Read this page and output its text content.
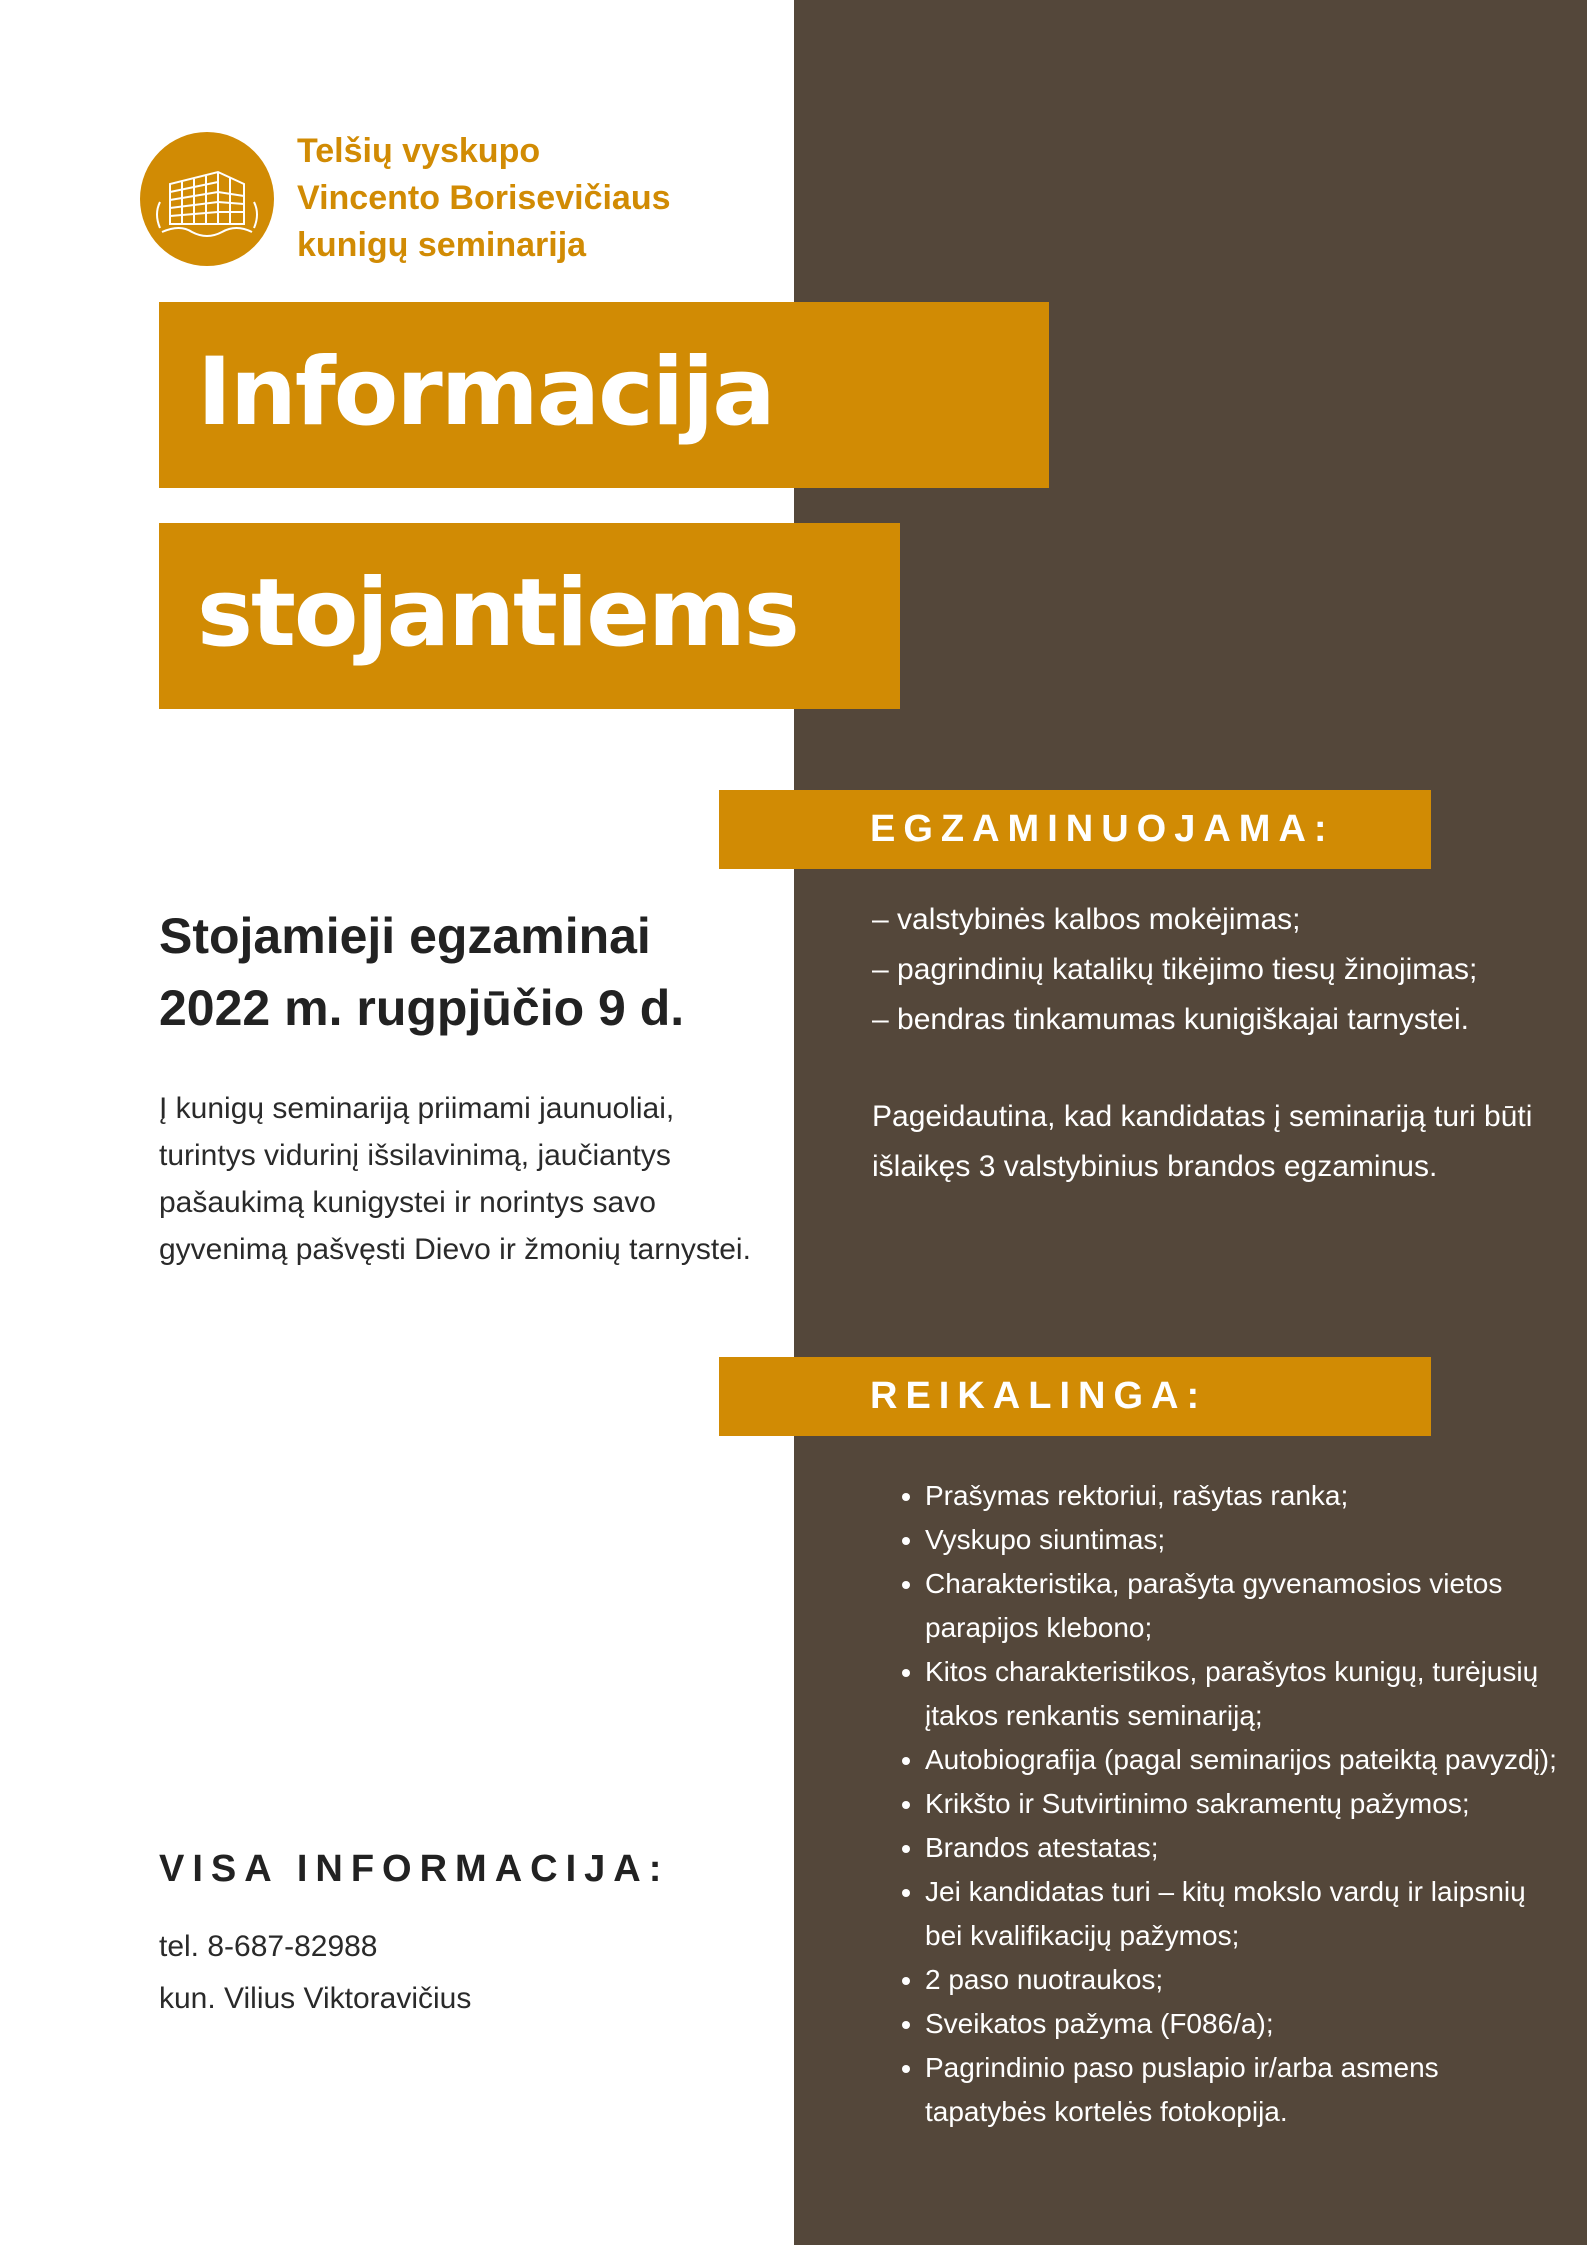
Telšių vyskupo
Vincento Borisevičiaus
kunigų seminarija
Informacija
stojantiems
EGZAMINUOJAMA:
Stojamieji egzaminai
2022 m. rugpjūčio 9 d.

Į kunigų seminariją priimami jaunuoliai, turintys vidurinį išsilavinimą, jaučiantys pašaukimą kunigystei ir norintys savo gyvenimą pašvęsti Dievo ir žmonių tarnystei.

– valstybinės kalbos mokėjimas;
– pagrindinių katalikų tikėjimo tiesų žinojimas;
– bendras tinkamumas kunigiškajai tarnystei.

Pageidautina, kad kandidatas į seminariją turi būti išlaikęs 3 valstybinius brandos egzaminus.

REIKALINGA:
• Prašymas rektoriui, rašytas ranka;
• Vyskupo siuntimas;
• Charakteristika, parašyta gyvenamosios vietos parapijos klebono;
• Kitos charakteristikos, parašytos kunigų, turėjusių įtakos renkantis seminariją;
• Autobiografija (pagal seminarijos pateiktą pavyzdį);
• Krikšto ir Sutvirtinimo sakramentų pažymos;
• Brandos atestatas;
• Jei kandidatas turi – kitų mokslo vardų ir laipsnių bei kvalifikacijų pažymos;
• 2 paso nuotraukos;
• Sveikatos pažyma (F086/a);
• Pagrindinio paso puslapio ir/arba asmens tapatybės kortelės fotokopija.
VISA INFORMACIJA:
tel. 8-687-82988
kun. Vilius Viktoravičius
